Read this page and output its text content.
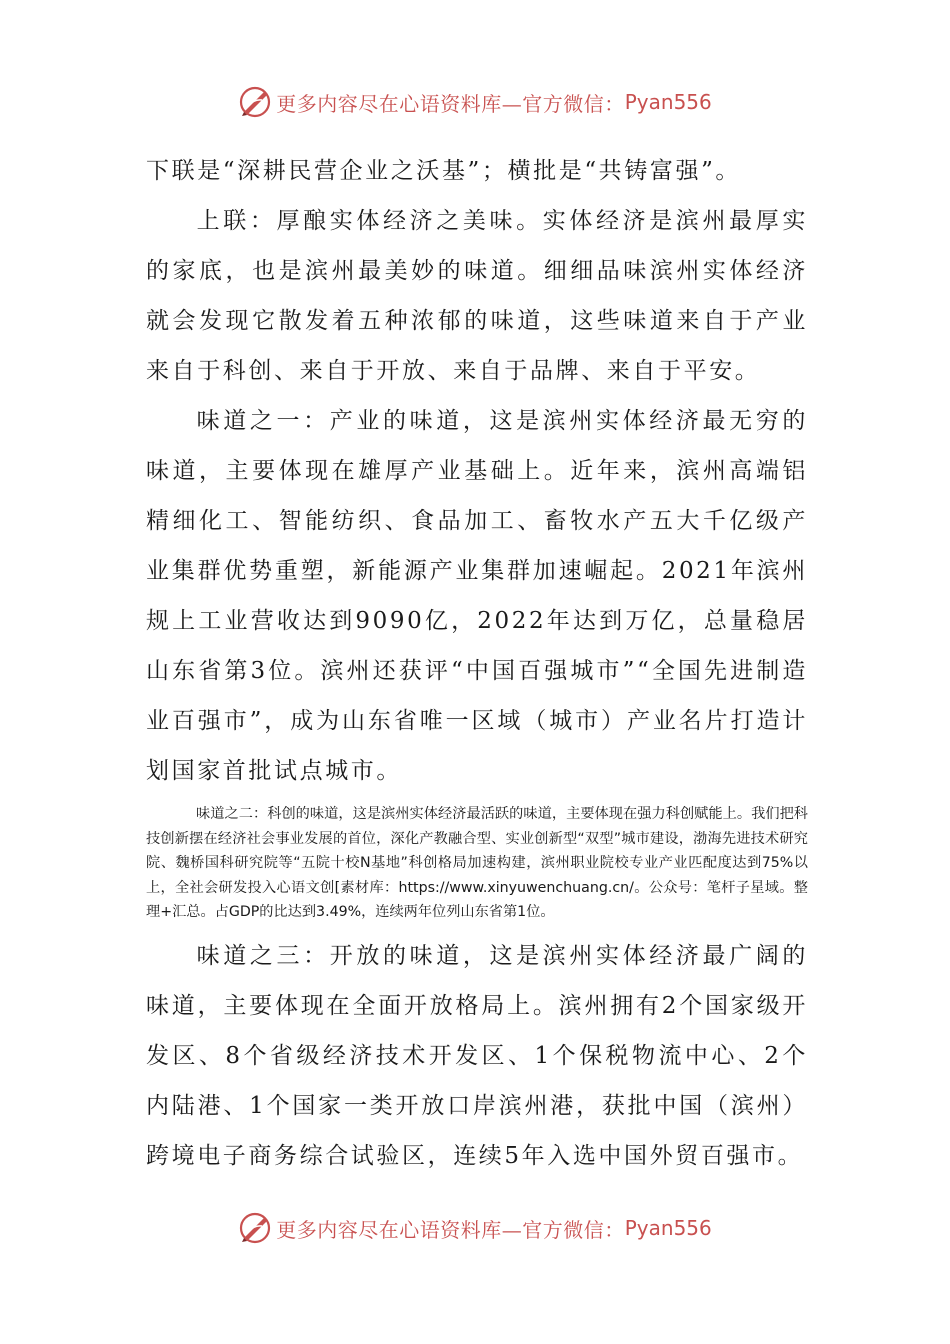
更多内容尽在心语资料库—官方微信： Pyan556

下联是“深耕民营企业之沃基”；横批是“共铸富强”。

上联：厚酿实体经济之美味。实体经济是滨州最厚实的家底，也是滨州最美妙的味道。细细品味滨州实体经济就会发现它散发着五种浓郁的味道，这些味道来自于产业来自于科创、来自于开放、来自于品牌、来自于平安。

味道之一：产业的味道，这是滨州实体经济最无穷的味道，主要体现在雄厚产业基础上。近年来，滨州高端铝精细化工、智能纺织、食品加工、畜牧水产五大千亿级产业集群优势重塑，新能源产业集群加速崛起。2021年滨州规上工业营收达到9090亿，2022年达到万亿，总量稳居山东省第3位。滨州还获评“中国百强城市”“全国先进制造业百强市”，成为山东省唯一区域（城市）产业名片打造计划国家首批试点城市。

味道之二：科创的味道，这是滨州实体经济最活跃的味道，主要体现在强力科创赋能上。我们把科技创新摆在经济社会事业发展的首位，深化产教融合型、实业创新型“双型”城市建设，渤海先进技术研究院、魏桥国科研究院等“五院十校N基地”科创格局加速构建，滨州职业院校专业产业匹配度达到75%以上，全社会研发投入心语文创[素材库：https://www.xinyuwenchuang.cn/。公众号：笔杆子星域。整理+汇总。占GDP的比达到3.49%，连续两年位列山东省第1位。

味道之三：开放的味道，这是滨州实体经济最广阔的味道，主要体现在全面开放格局上。滨州拥有2个国家级开发区、8个省级经济技术开发区、1个保税物流中心、2个内陆港、1个国家一类开放口岸滨州港，获批中国（滨州）跨境电子商务综合试验区，连续5年入选中国外贸百强市。

更多内容尽在心语资料库—官方微信： Pyan556
